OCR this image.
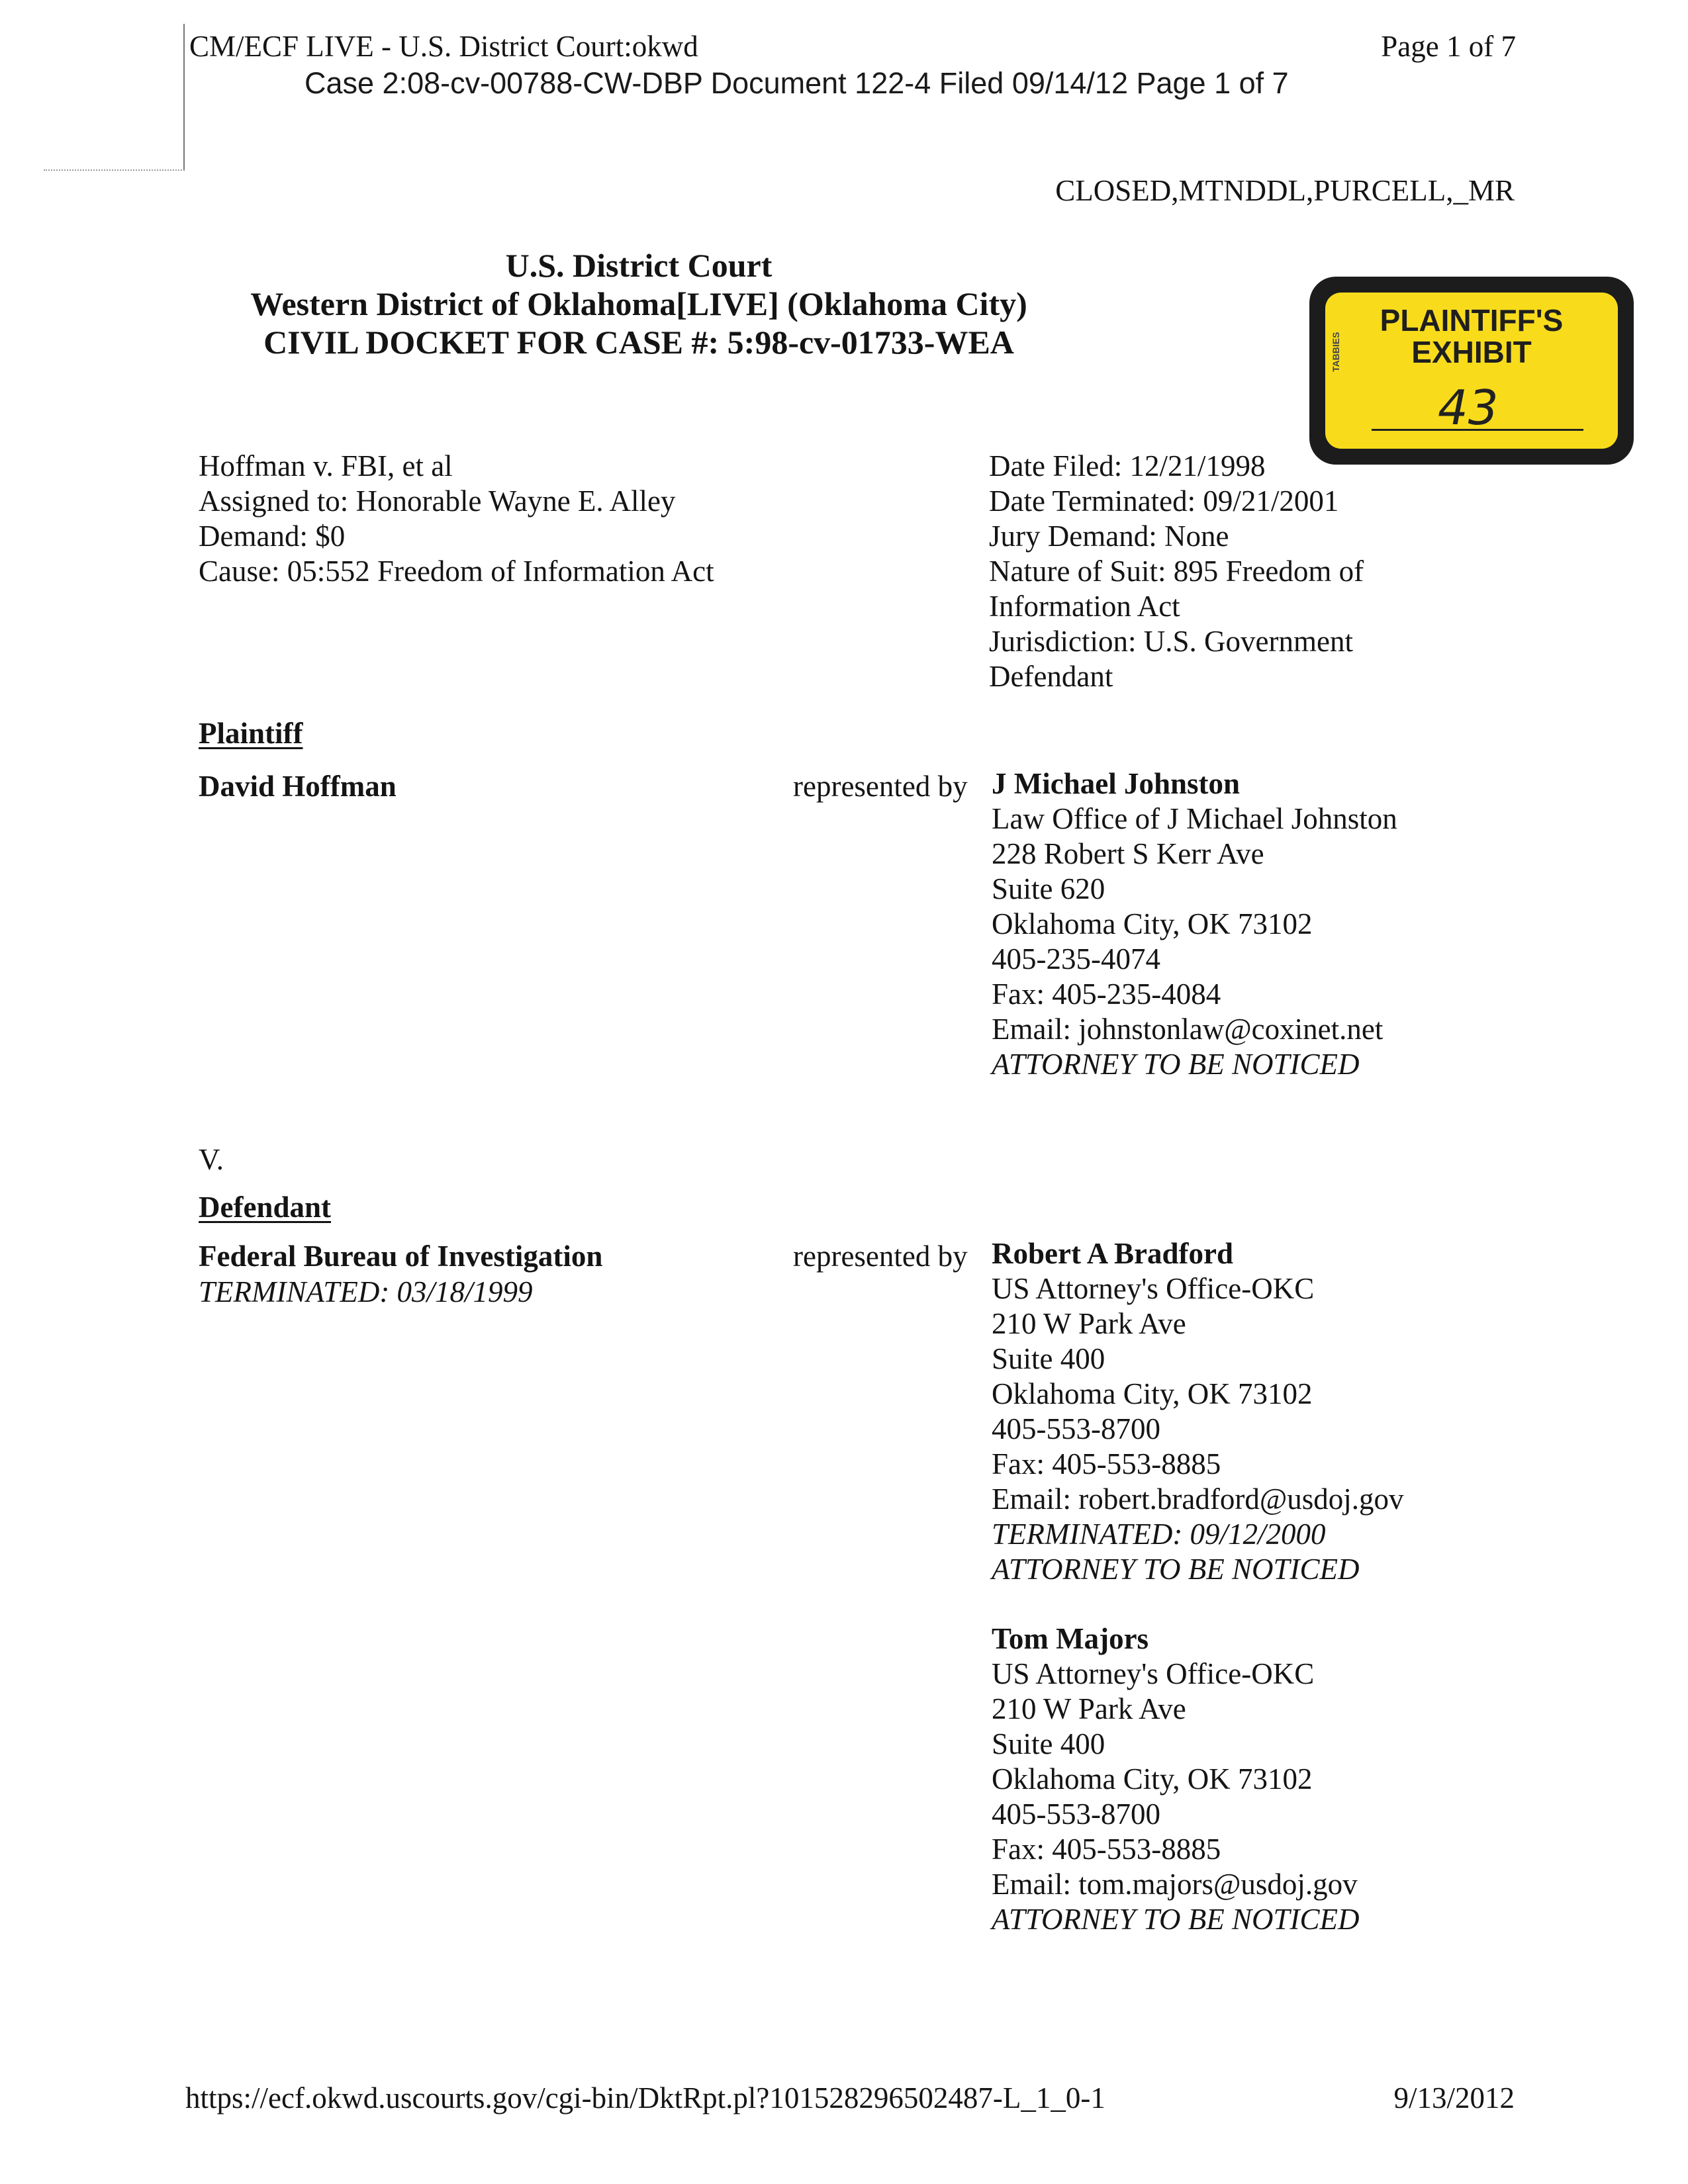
CM/ECF LIVE - U.S. District Court:okwd	Page 1 of 7
Case 2:08-cv-00788-CW-DBP Document 122-4 Filed 09/14/12 Page 1 of 7
CLOSED,MTNDDL,PURCELL,_MR
U.S. District Court
Western District of Oklahoma[LIVE] (Oklahoma City)
CIVIL DOCKET FOR CASE #: 5:98-cv-01733-WEA
PLAINTIFF'S
EXHIBIT
TABBIES
43
Hoffman v. FBI, et al
Assigned to: Honorable Wayne E. Alley
Demand: $0
Cause: 05:552 Freedom of Information Act
Date Filed: 12/21/1998
Date Terminated: 09/21/2001
Jury Demand: None
Nature of Suit: 895 Freedom of Information Act
Jurisdiction: U.S. Government Defendant
Plaintiff
David Hoffman	represented by J Michael Johnston
Law Office of J Michael Johnston
228 Robert S Kerr Ave
Suite 620
Oklahoma City, OK 73102
405-235-4074
Fax: 405-235-4084
Email: johnstonlaw@coxinet.net
ATTORNEY TO BE NOTICED
V.
Defendant
Federal Bureau of Investigation
TERMINATED: 03/18/1999
represented by Robert A Bradford
US Attorney's Office-OKC
210 W Park Ave
Suite 400
Oklahoma City, OK 73102
405-553-8700
Fax: 405-553-8885
Email: robert.bradford@usdoj.gov
TERMINATED: 09/12/2000
ATTORNEY TO BE NOTICED
Tom Majors
US Attorney's Office-OKC
210 W Park Ave
Suite 400
Oklahoma City, OK 73102
405-553-8700
Fax: 405-553-8885
Email: tom.majors@usdoj.gov
ATTORNEY TO BE NOTICED
https://ecf.okwd.uscourts.gov/cgi-bin/DktRpt.pl?101528296502487-L_1_0-1	9/13/2012
